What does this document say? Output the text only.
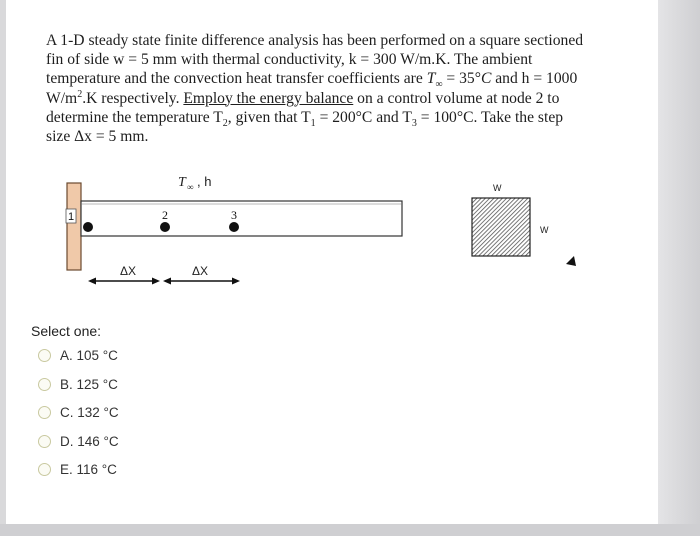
A 1-D steady state finite difference analysis has been performed on a square sectioned
fin of side w = 5 mm with thermal conductivity, k = 300 W/m.K. The ambient
temperature and the convection heat transfer coefficients are $T_\infty = 35^\circ C$ and h = 1000
$W/m^2.K$ respectively. Employ the energy balance on a control volume at node 2 to
determine the temperature $T_2$, given that $T_1 = 200^\circ C$ and $T_3 = 100^\circ C$. Take the step
size Δx = 5 mm.
1	2	3
T ∞ , h
ΔX	ΔX
W
W
Select one:
A. 105 °C
B. 125 °C
C. 132 °C
D. 146 °C
E. 116 °C
